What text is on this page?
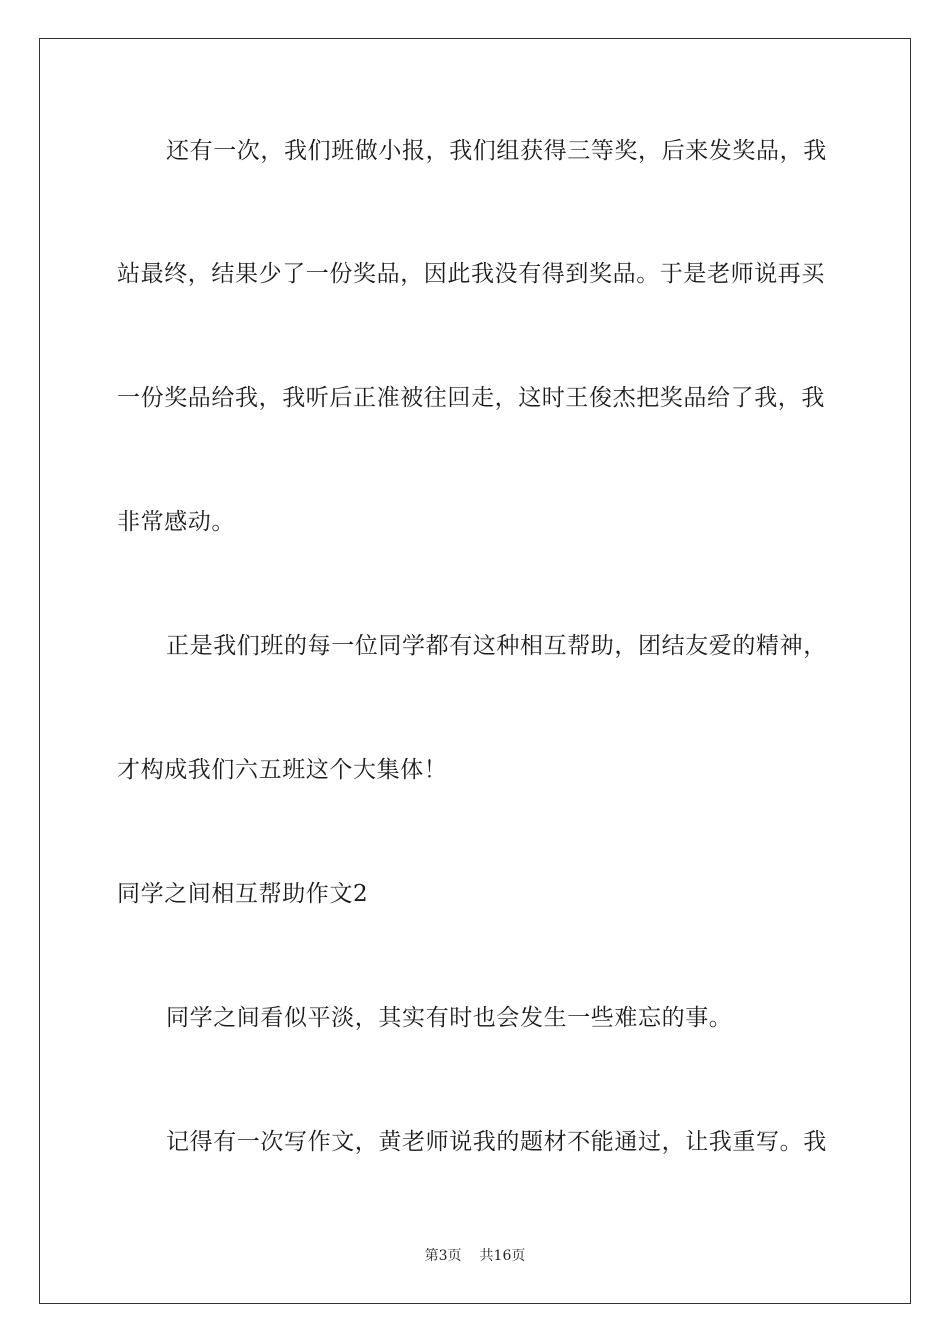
还有一次，我们班做小报，我们组获得三等奖，后来发奖品，我
站最终，结果少了一份奖品，因此我没有得到奖品。于是老师说再买
一份奖品给我，我听后正准被往回走，这时王俊杰把奖品给了我，我
非常感动。
正是我们班的每一位同学都有这种相互帮助，团结友爱的精神，
才构成我们六五班这个大集体！
同学之间相互帮助作文2
同学之间看似平淡，其实有时也会发生一些难忘的事。
记得有一次写作文，黄老师说我的题材不能通过，让我重写。我
第3页 共16页
